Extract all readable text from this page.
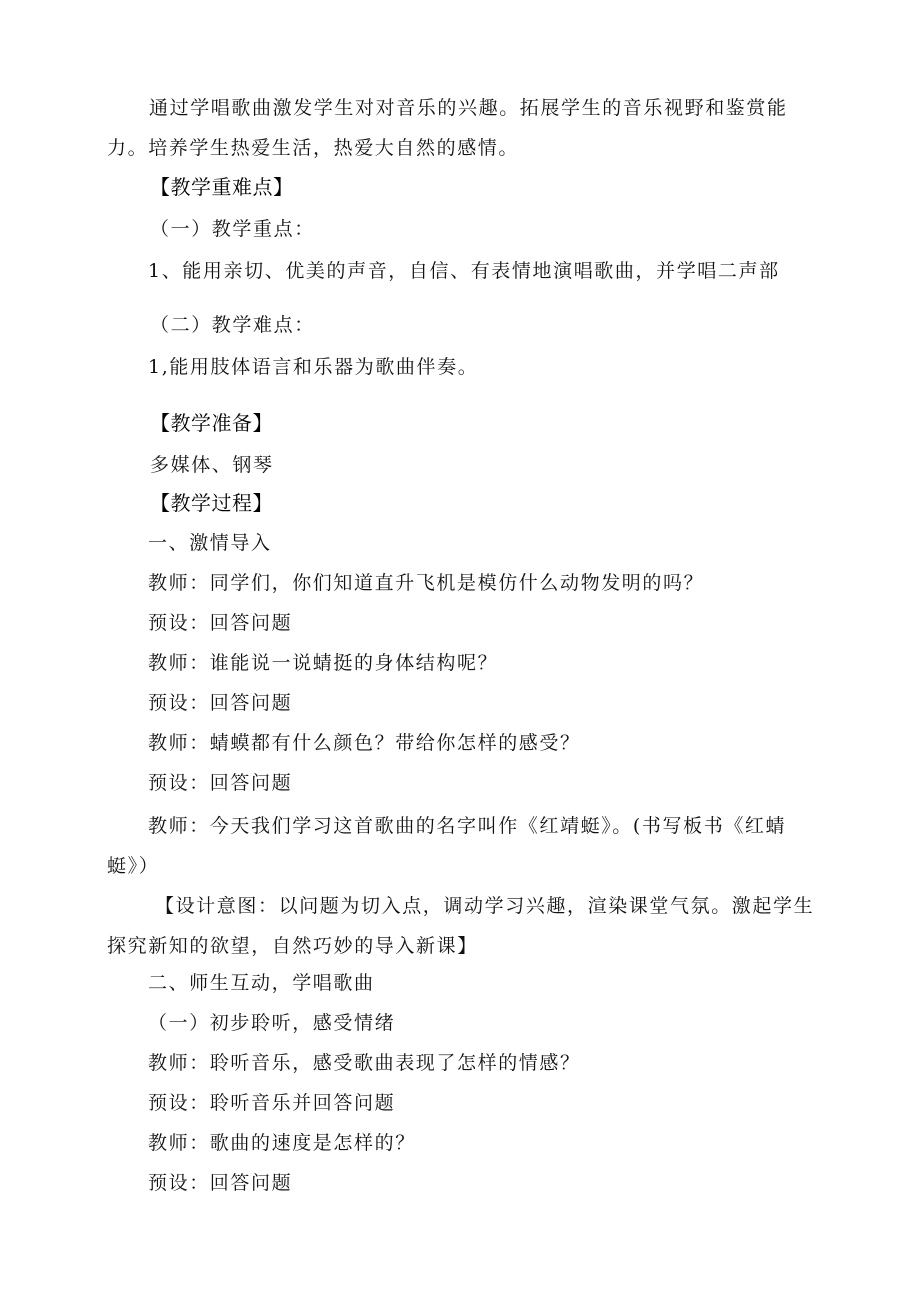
通过学唱歌曲激发学生对对音乐的兴趣。拓展学生的音乐视野和鉴赏能力。培养学生热爱生活，热爱大自然的感情。
【教学重难点】
（一）教学重点：
1、能用亲切、优美的声音，自信、有表情地演唱歌曲，并学唱二声部
（二）教学难点：
1,能用肢体语言和乐器为歌曲伴奏。
【教学准备】
多媒体、钢琴
【教学过程】
一、激情导入
教师：同学们，你们知道直升飞机是模仿什么动物发明的吗？
预设：回答问题
教师：谁能说一说蜻挺的身体结构呢？
预设：回答问题
教师：蜻蟆都有什么颜色？带给你怎样的感受？
预设：回答问题
教师：今天我们学习这首歌曲的名字叫作《红靖蜓》。(书写板书《红蜻蜓》）
【设计意图：以问题为切入点，调动学习兴趣，渲染课堂气氛。激起学生探究新知的欲望，自然巧妙的导入新课】
二、师生互动，学唱歌曲
（一）初步聆听，感受情绪
教师：聆听音乐，感受歌曲表现了怎样的情感？
预设：聆听音乐并回答问题
教师：歌曲的速度是怎样的？
预设：回答问题
